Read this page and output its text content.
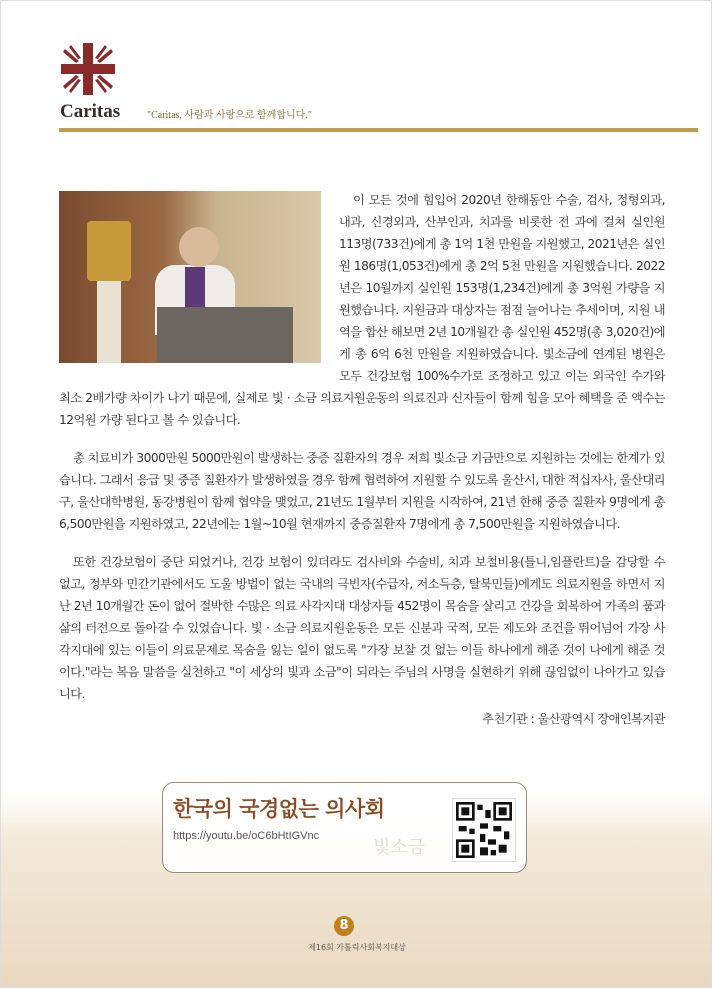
Caritas	"Caritas, 사람과 사랑으로 함께합니다."

이 모든 것에 힘입어 2020년 한해동안 수술, 검사, 정형외과, 내과, 신경외과, 산부인과, 치과를 비롯한 전 과에 걸쳐 실인원 113명(733건)에게 총 1억 1천 만원을 지원했고, 2021년은 실인원 186명(1,053건)에게 총 2억 5천 만원을 지원했습니다. 2022년은 10월까지 실인원 153명(1,234건)에게 총 3억원 가량을 지원했습니다. 지원금과 대상자는 점점 늘어나는 추세이며, 지원 내역을 합산 해보면 2년 10개월간 총 실인원 452명(총 3,020건)에게 총 6억 6천 만원을 지원하였습니다. 빛소금에 연계된 병원은 모두 건강보험 100%수가로 조정하고 있고 이는 외국인 수가와 최소 2배가량 차이가 나기 때문에, 실제로 빛 · 소금 의료지원운동의 의료진과 신자들이 함께 힘을 모아 혜택을 준 액수는 12억원 가량 된다고 볼 수 있습니다.

총 치료비가 3000만원 5000만원이 발생하는 중증 질환자의 경우 저희 빛소금 기금만으로 지원하는 것에는 한계가 있습니다. 그래서 응급 및 중증 질환자가 발생하였을 경우 함께 협력하여 지원할 수 있도록 울산시, 대한 적십자사, 울산대리구, 울산대학병원, 동강병원이 함께 협약을 맺었고, 21년도 1월부터 지원을 시작하여, 21년 한해 중증 질환자 9명에게 총 6,500만원을 지원하였고, 22년에는 1월~10월 현재까지 중증질환자 7명에게 총 7,500만원을 지원하였습니다.

또한 건강보험이 중단 되었거나, 건강 보험이 있더라도 검사비와 수술비, 치과 보철비용(틀니,임플란트)을 감당할 수 없고, 정부와 민간기관에서도 도울 방법이 없는 국내의 극빈자(수급자, 저소득층, 탈북민들)에게도 의료지원을 하면서 지난 2년 10개월간 돈이 없어 절박한 수많은 의료 사각지대 대상자들 452명이 목숨을 살리고 건강을 회복하여 가족의 품과 삶의 터전으로 돌아갈 수 있었습니다. 빛 · 소금 의료지원운동은 모든 신분과 국적, 모든 제도와 조건을 뛰어넘어 가장 사각지대에 있는 이들이 의료문제로 목숨을 잃는 일이 없도록 "가장 보잘 것 없는 이들 하나에게 해준 것이 나에게 해준 것이다."라는 복음 말씀을 실천하고 "이 세상의 빛과 소금"이 되라는 주님의 사명을 실현하기 위해 끊임없이 나아가고 있습니다.

추천기관 : 울산광역시 장애인복지관
한국의 국경없는 의사회
https://youtu.be/oC6bHtIGVnc
빛소금
8
제16회 가톨릭사회복지대상
